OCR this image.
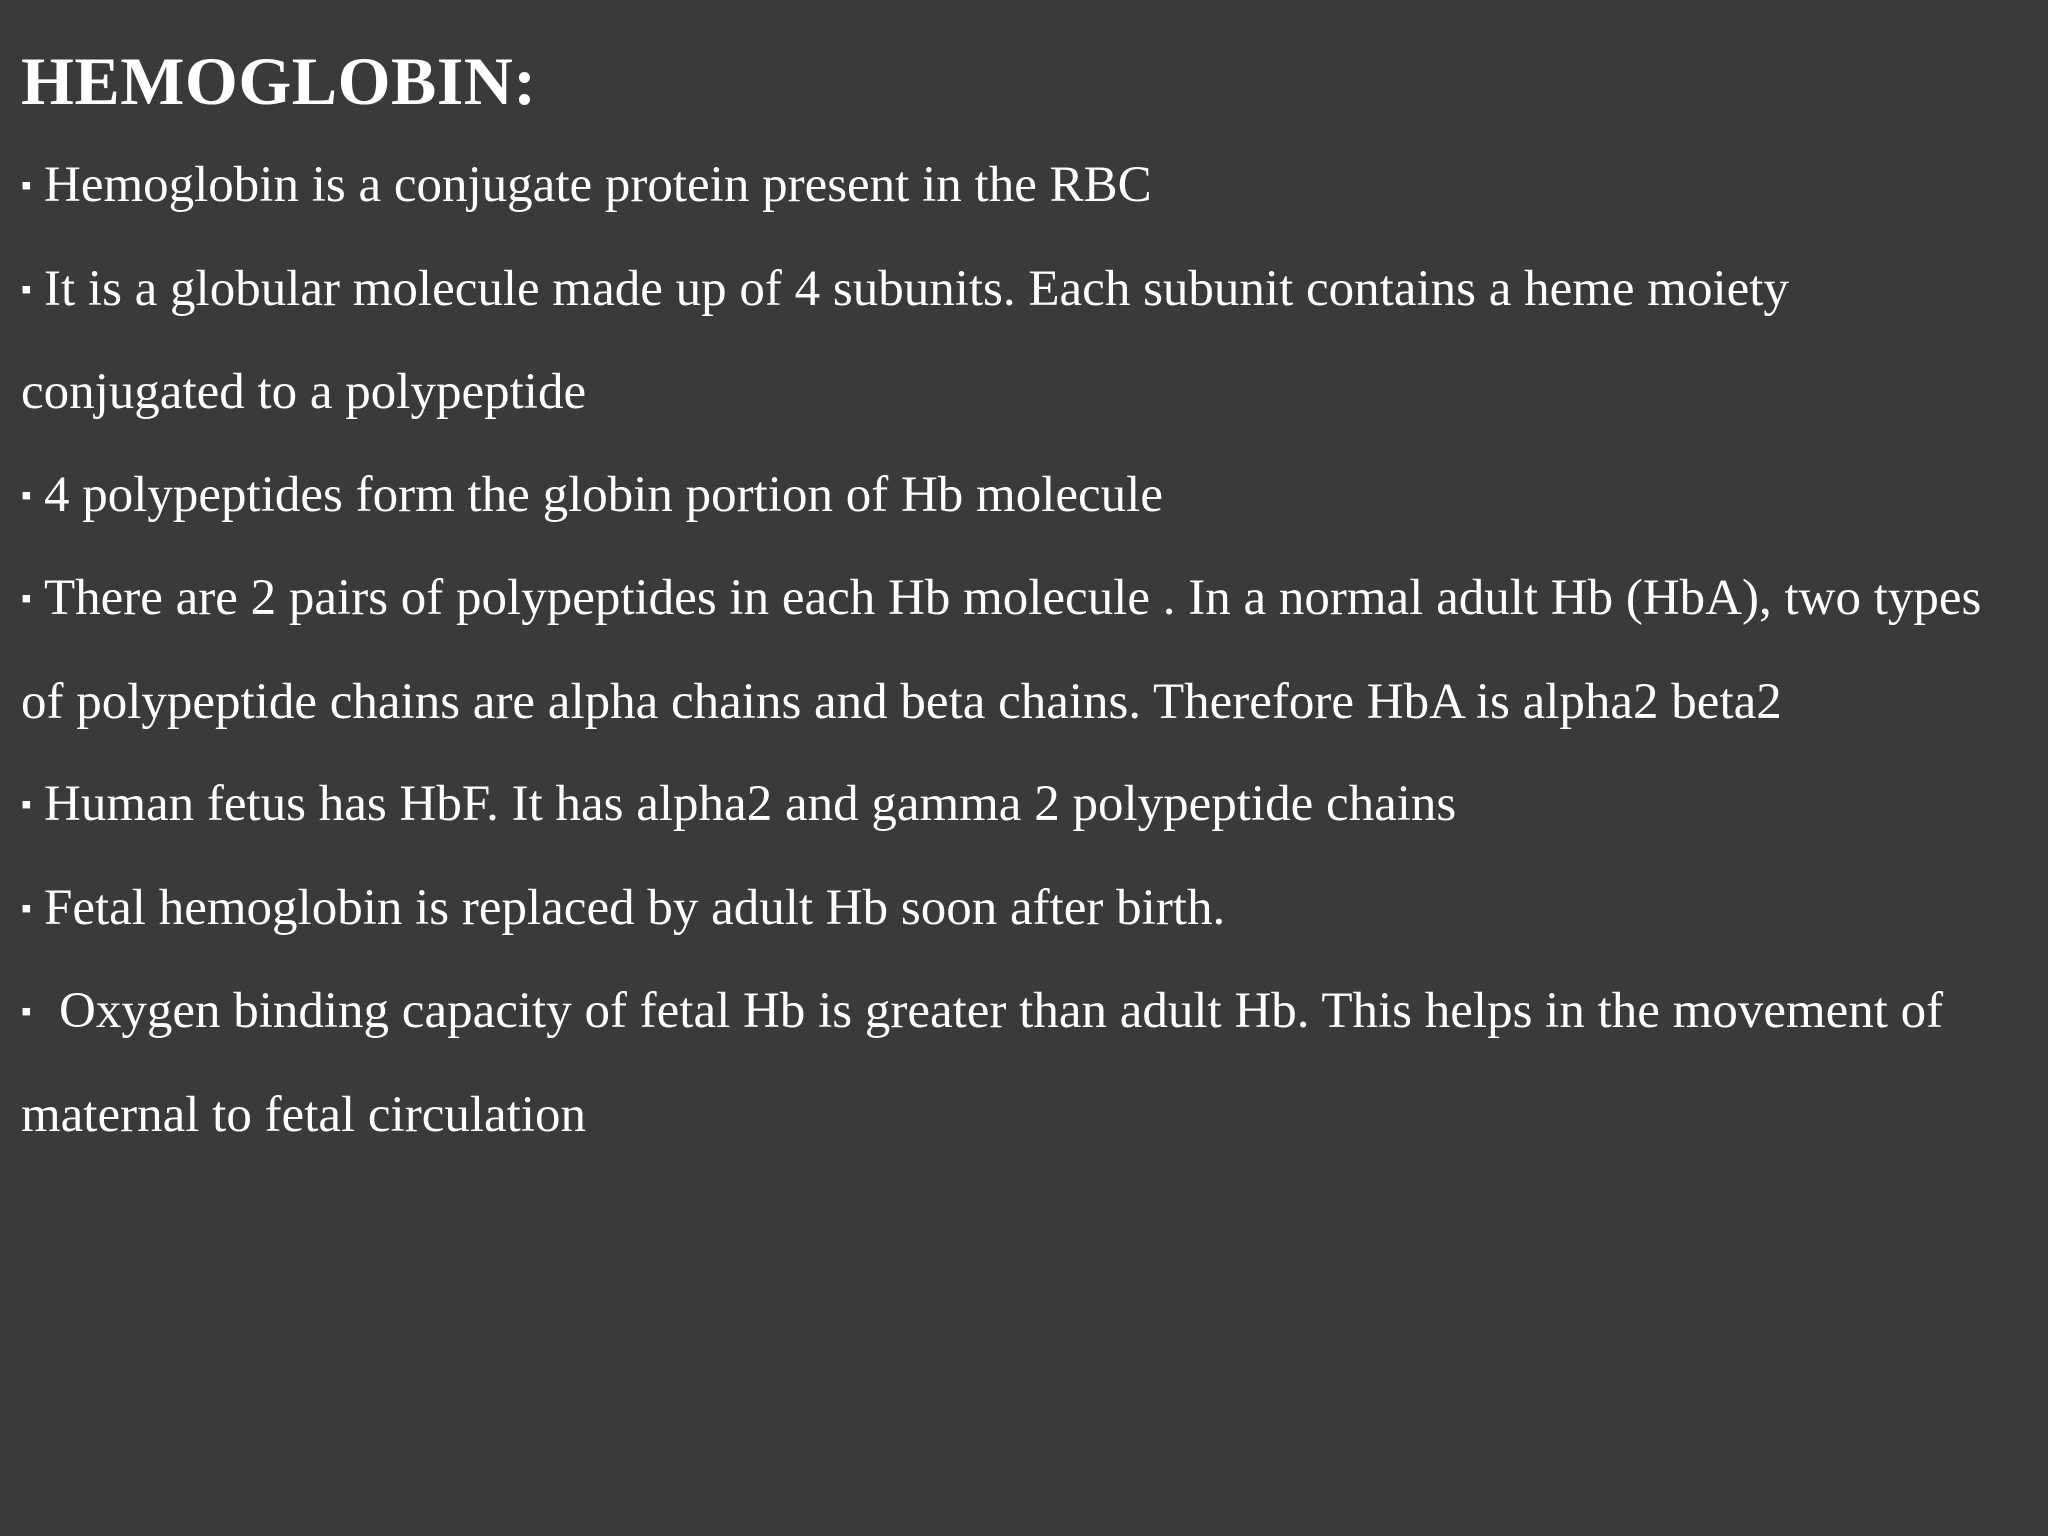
HEMOGLOBIN:
▪ Hemoglobin is a conjugate protein present in the RBC
▪ It is a globular molecule made up of 4 subunits. Each subunit contains a heme moiety conjugated to a polypeptide
▪ 4 polypeptides form the globin portion of Hb molecule
▪ There are 2 pairs of polypeptides in each Hb molecule . In a normal adult Hb (HbA), two types of polypeptide chains are alpha chains and beta chains. Therefore HbA is alpha2 beta2
▪ Human fetus has HbF. It has alpha2 and gamma 2 polypeptide chains
▪ Fetal hemoglobin is replaced by adult Hb soon after birth.
▪ Oxygen binding capacity of fetal Hb is greater than adult Hb. This helps in the movement of maternal to fetal circulation
